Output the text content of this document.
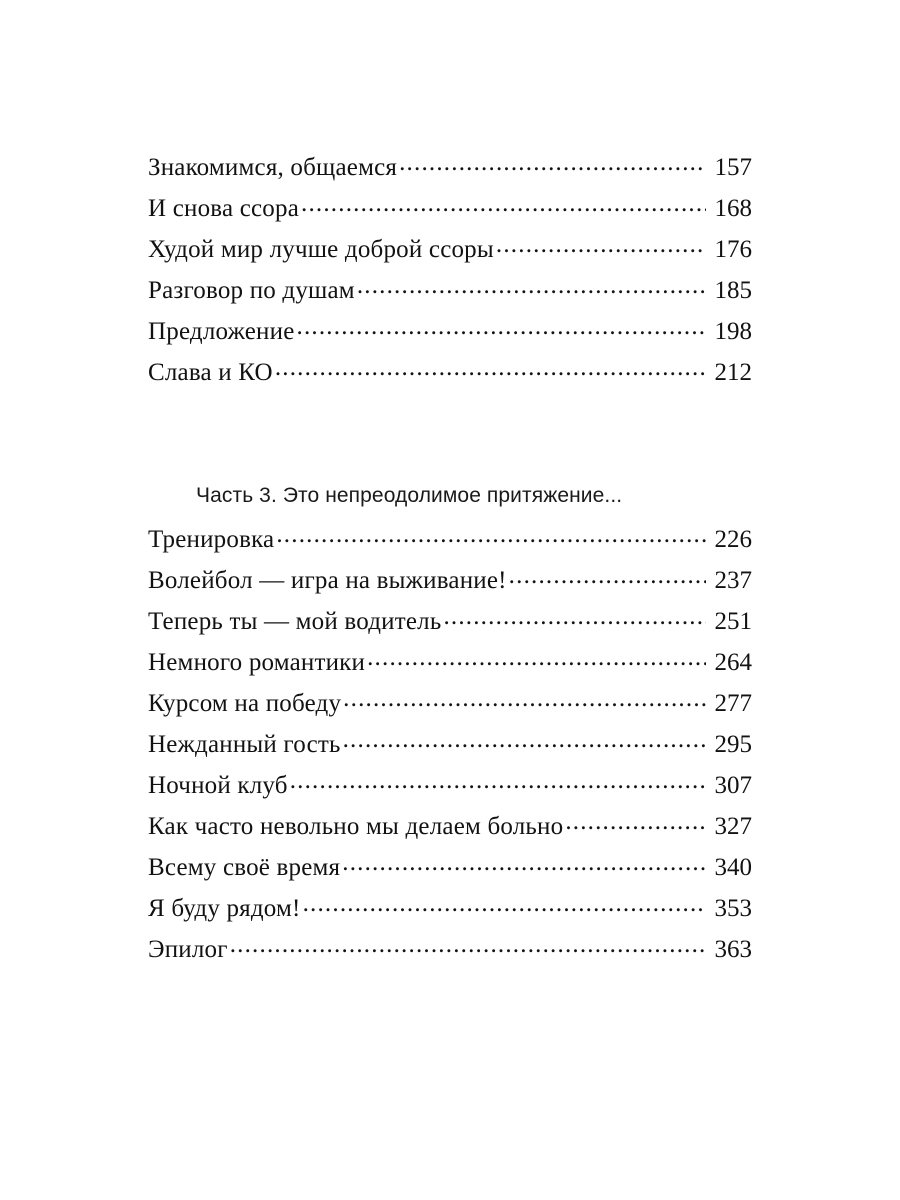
Знакомимся, общаемся .....	157
И снова ссора .....	168
Худой мир лучше доброй ссоры .....	176
Разговор по душам .....	185
Предложение .....	198
Слава и КО .....	212
Часть 3. Это непреодолимое притяжение...
Тренировка .....	226
Волейбол — игра на выживание! .....	237
Теперь ты — мой водитель .....	251
Немного романтики .....	264
Курсом на победу .....	277
Нежданный гость .....	295
Ночной клуб .....	307
Как часто невольно мы делаем больно .....	327
Всему своё время .....	340
Я буду рядом! .....	353
Эпилог .....	363
